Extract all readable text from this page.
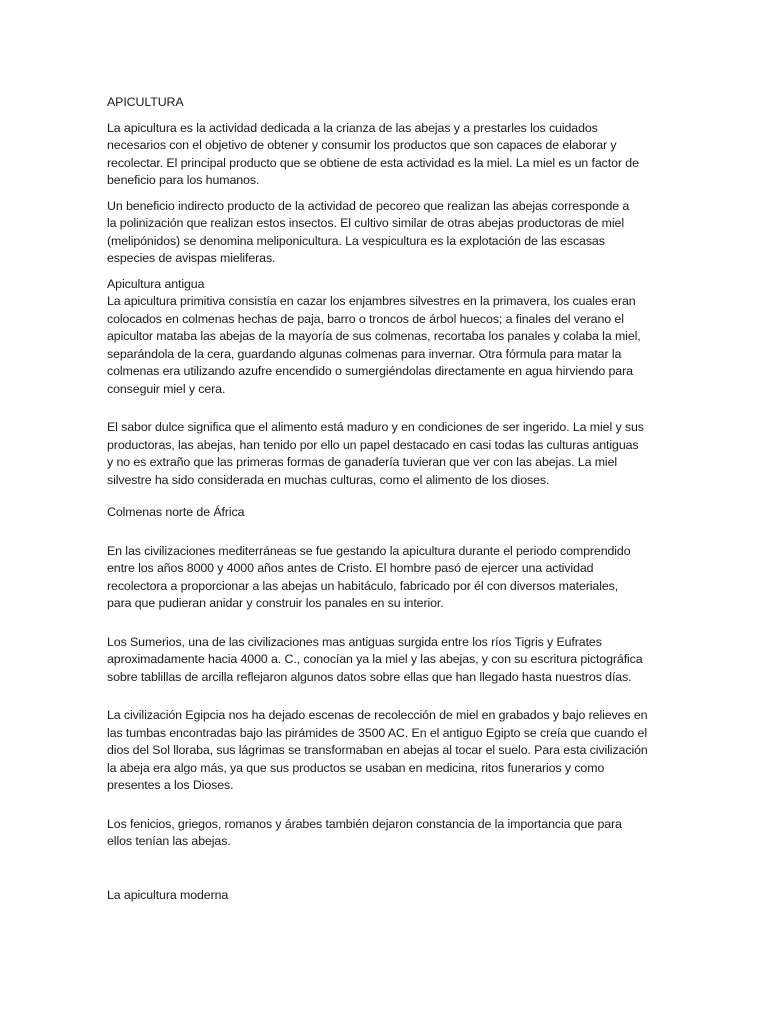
APICULTURA
La apicultura es la actividad dedicada a la crianza de las abejas y a prestarles los cuidados
necesarios con el objetivo de obtener y consumir los productos que son capaces de elaborar y
recolectar. El principal producto que se obtiene de esta actividad es la miel. La miel es un factor de
beneficio para los humanos.
Un beneficio indirecto producto de la actividad de pecoreo que realizan las abejas corresponde a
la polinización que realizan estos insectos. El cultivo similar de otras abejas productoras de miel
(melipónidos) se denomina meliponicultura. La vespicultura es la explotación de las escasas
especies de avispas mieliferas.
Apicultura antigua
La apicultura primitiva consistía en cazar los enjambres silvestres en la primavera, los cuales eran
colocados en colmenas hechas de paja, barro o troncos de árbol huecos; a finales del verano el
apicultor mataba las abejas de la mayoría de sus colmenas, recortaba los panales y colaba la miel,
separándola de la cera, guardando algunas colmenas para invernar. Otra fórmula para matar la
colmenas era utilizando azufre encendido o sumergiéndolas directamente en agua hirviendo para
conseguir miel y cera.
El sabor dulce significa que el alimento está maduro y en condiciones de ser ingerido. La miel y sus
productoras, las abejas, han tenido por ello un papel destacado en casi todas las culturas antiguas
y no es extraño que las primeras formas de ganadería tuvieran que ver con las abejas. La miel
silvestre ha sido considerada en muchas culturas, como el alimento de los dioses.
Colmenas norte de África
En las civilizaciones mediterráneas se fue gestando la apicultura durante el periodo comprendido
entre los años 8000 y 4000 años antes de Cristo. El hombre pasó de ejercer una actividad
recolectora a proporcionar a las abejas un habitáculo, fabricado por él con diversos materiales,
para que pudieran anidar y construir los panales en su interior.
Los Sumerios, una de las civilizaciones mas antiguas surgida entre los ríos Tigris y Eufrates
aproximadamente hacia 4000 a. C., conocían ya la miel y las abejas, y con su escritura pictográfica
sobre tablillas de arcilla reflejaron algunos datos sobre ellas que han llegado hasta nuestros días.
La civilización Egipcia nos ha dejado escenas de recolección de miel en grabados y bajo relieves en
las tumbas encontradas bajo las pirámides de 3500 AC. En el antiguo Egipto se creía que cuando el
dios del Sol lloraba, sus lágrimas se transformaban en abejas al tocar el suelo. Para esta civilización
la abeja era algo más, ya que sus productos se usaban en medicina, ritos funerarios y como
presentes a los Dioses.
Los fenicios, griegos, romanos y árabes también dejaron constancia de la importancia que para
ellos tenían las abejas.
La apicultura moderna
